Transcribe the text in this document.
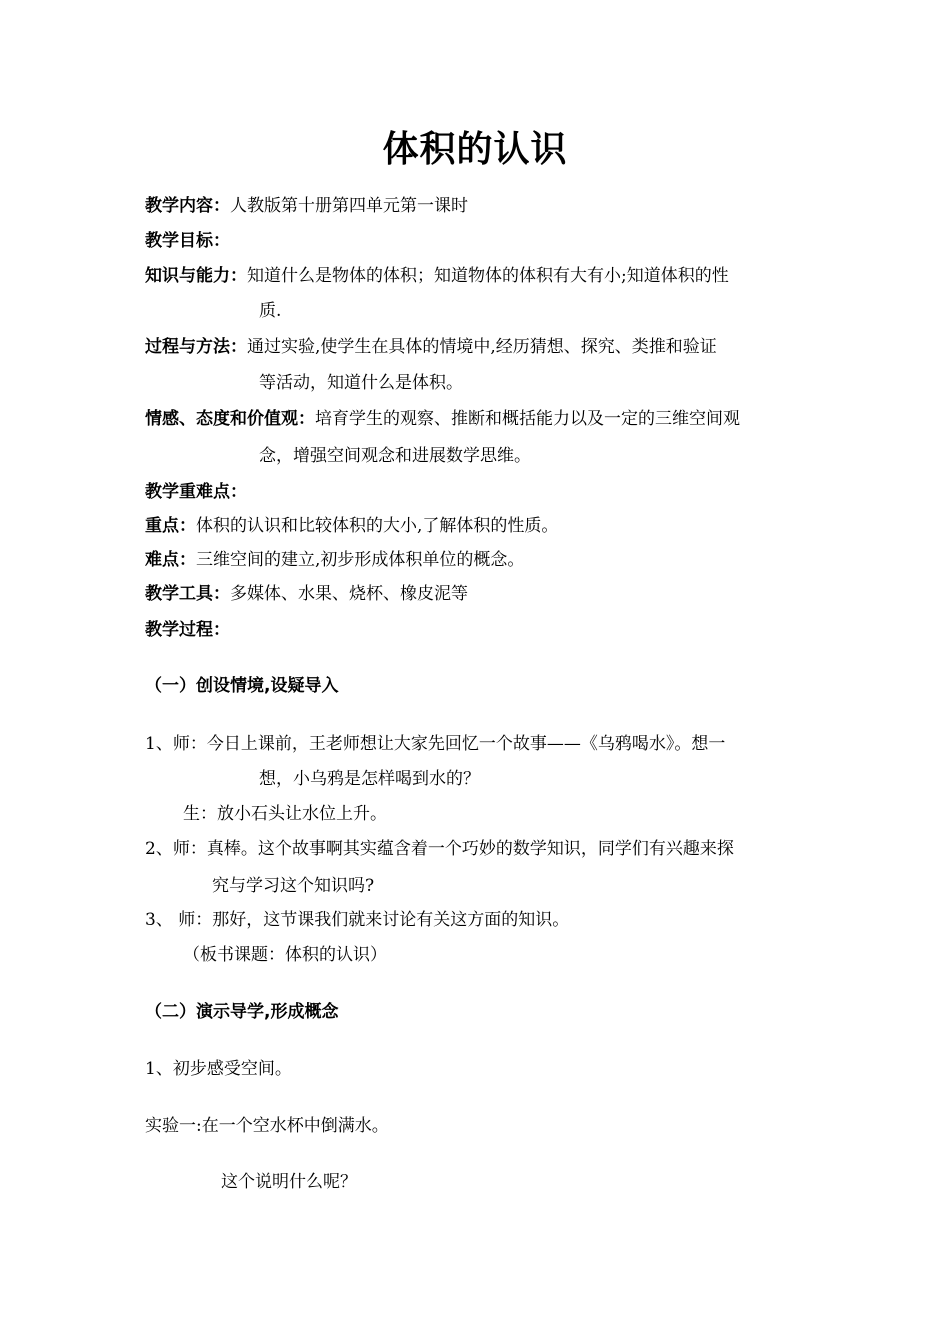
体积的认识
教学内容：人教版第十册第四单元第一课时
教学目标：
知识与能力：知道什么是物体的体积；知道物体的体积有大有小;知道体积的性
质.
过程与方法：通过实验,使学生在具体的情境中,经历猜想、探究、类推和验证
等活动，知道什么是体积。
情感、态度和价值观：培育学生的观察、推断和概括能力以及一定的三维空间观
念，增强空间观念和进展数学思维。
教学重难点：
重点：体积的认识和比较体积的大小,了解体积的性质。
难点：三维空间的建立,初步形成体积单位的概念。
教学工具：多媒体、水果、烧杯、橡皮泥等
教学过程：
（一）创设情境,设疑导入
1、师：今日上课前，王老师想让大家先回忆一个故事——《乌鸦喝水》。想一
想，小乌鸦是怎样喝到水的？
生：放小石头让水位上升。
2、师：真棒。这个故事啊其实蕴含着一个巧妙的数学知识，同学们有兴趣来探
究与学习这个知识吗?
3、 师：那好，这节课我们就来讨论有关这方面的知识。
（板书课题：体积的认识）
（二）演示导学,形成概念
1、初步感受空间。
实验一:在一个空水杯中倒满水。
这个说明什么呢？
